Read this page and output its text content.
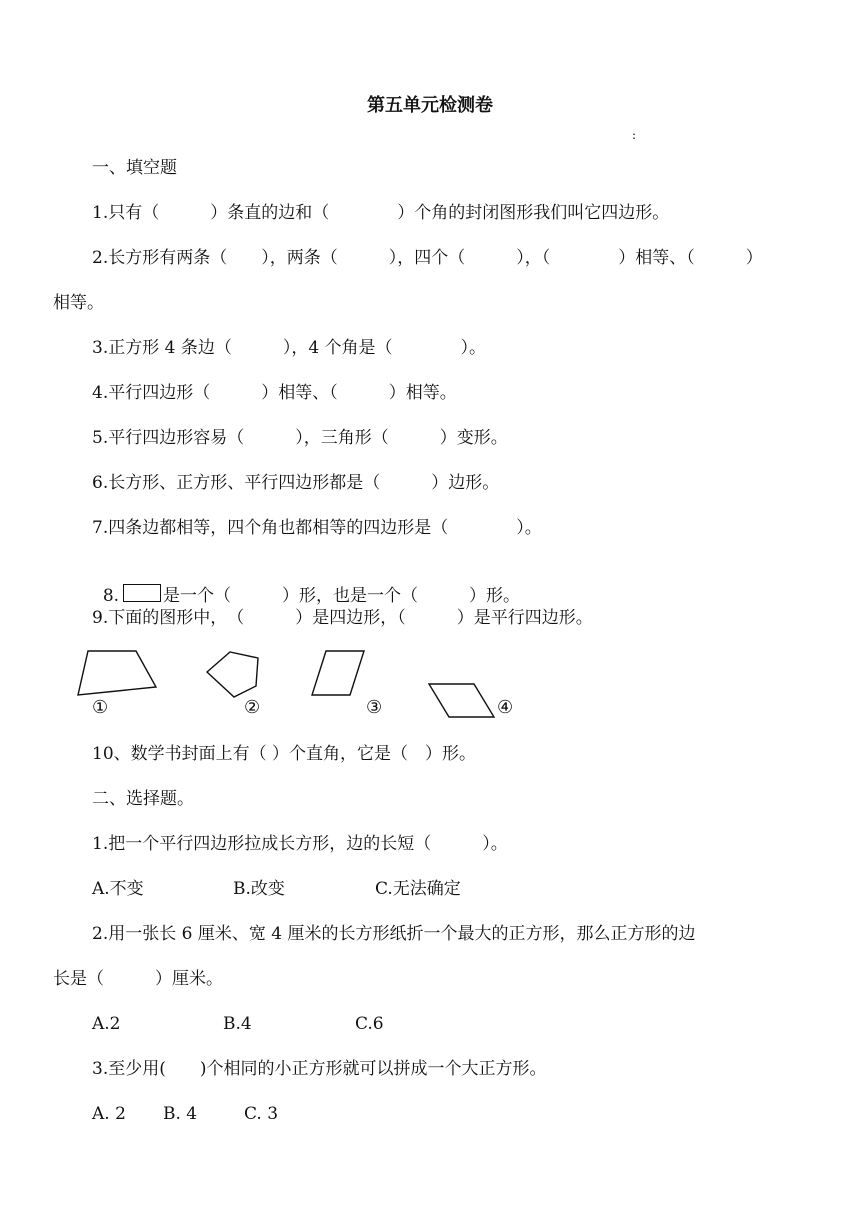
第五单元检测卷
:
一、填空题
1.只有（　　　）条直的边和（　　　　）个角的封闭图形我们叫它四边形。
2.长方形有两条（　　），两条（　　　），四个（　　　），（　　　　）相等、（　　　）
相等。
3.正方形 4 条边（　　　），4 个角是（　　　　）。
4.平行四边形（　　　）相等、（　　　）相等。
5.平行四边形容易（　　　），三角形（　　　）变形。
6.长方形、正方形、平行四边形都是（　　　）边形。
7.四条边都相等，四个角也都相等的四边形是（　　　　）。

8.	是一个（　　　）形，也是一个（　　　）形。

9.下面的图形中，　（　　　）是四边形，（　　　）是平行四边形。
①	②	③	④
10、数学书封面上有（ ）个直角，它是（　）形。
二、选择题。
1.把一个平行四边形拉成长方形，边的长短（　　　）。
A.不变	B.改变	C.无法确定
2.用一张长 6 厘米、宽 4 厘米的长方形纸折一个最大的正方形，那么正方形的边
长是（　　　）厘米。
A.2	B.4	C.6
3.至少用(　　)个相同的小正方形就可以拼成一个大正方形。
A. 2 B. 4	C. 3
